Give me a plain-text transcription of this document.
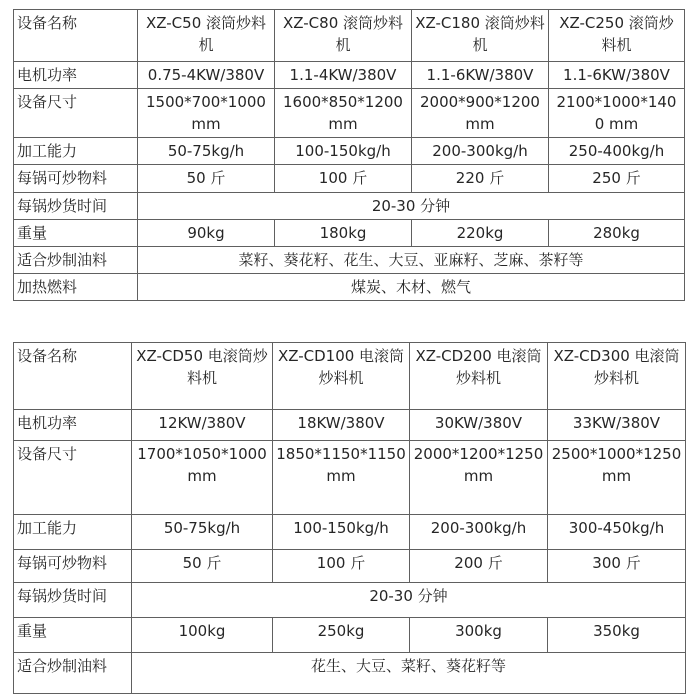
设备名称	XZ-C50 滚筒炒料机	XZ-C80 滚筒炒料机	XZ-C180 滚筒炒料机	XZ-C250 滚筒炒料机
电机功率	0.75-4KW/380V	1.1-4KW/380V	1.1-6KW/380V	1.1-6KW/380V
设备尺寸	1500*700*1000 mm	1600*850*1200 mm	2000*900*1200 mm	2100*1000*1400 mm
加工能力	50-75kg/h	100-150kg/h	200-300kg/h	250-400kg/h
每锅可炒物料	50 斤	100 斤	220 斤	250 斤
每锅炒货时间	20-30 分钟			
重量	90kg	180kg	220kg	280kg
适合炒制油料	菜籽、葵花籽、花生、大豆、亚麻籽、芝麻、茶籽等			
加热燃料	煤炭、木材、燃气			
设备名称	XZ-CD50 电滚筒炒料机	XZ-CD100 电滚筒炒料机	XZ-CD200 电滚筒炒料机	XZ-CD300 电滚筒炒料机
电机功率	12KW/380V	18KW/380V	30KW/380V	33KW/380V
设备尺寸	1700*1050*1000 mm	1850*1150*1150 mm	2000*1200*1250 mm	2500*1000*1250 mm
加工能力	50-75kg/h	100-150kg/h	200-300kg/h	300-450kg/h
每锅可炒物料	50 斤	100 斤	200 斤	300 斤
每锅炒货时间	20-30 分钟			
重量	100kg	250kg	300kg	350kg
适合炒制油料	花生、大豆、菜籽、葵花籽等			
